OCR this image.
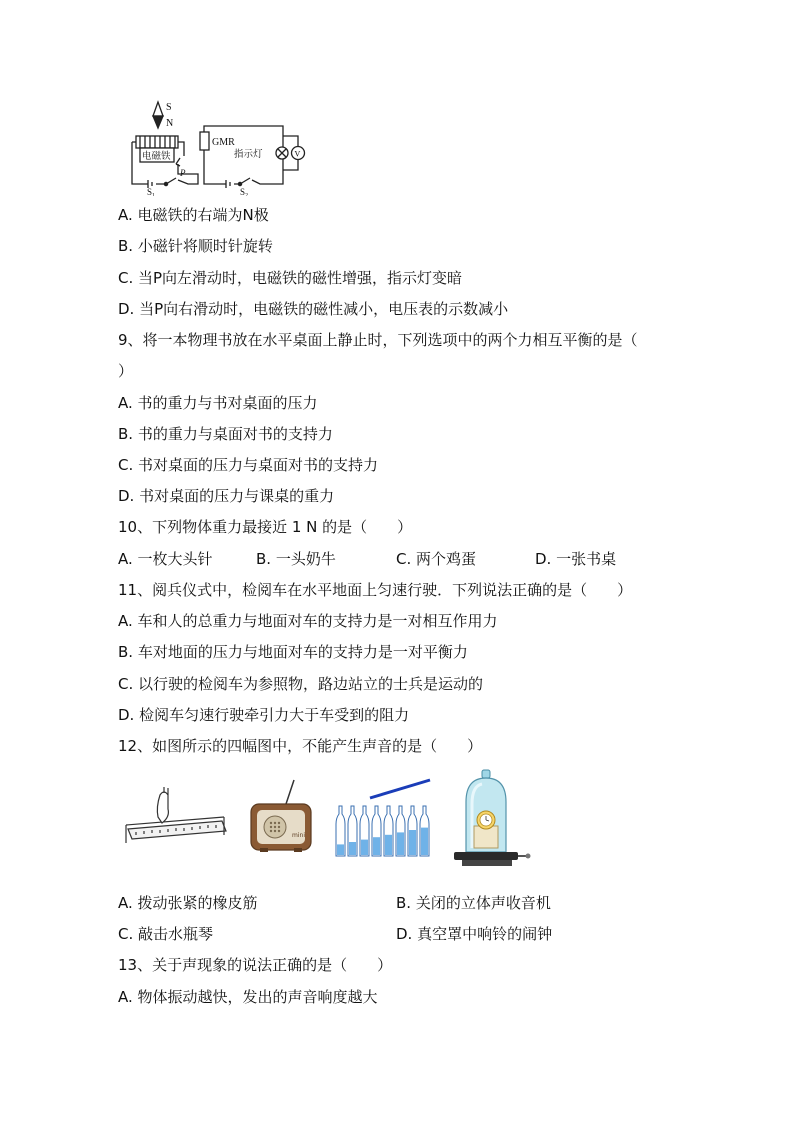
S
N
GMR
P
$S_1$	$S_2$
V
电磁铁	指示灯
A. 电磁铁的右端为N极
B. 小磁针将顺时针旋转
C. 当P向左滑动时，电磁铁的磁性增强，指示灯变暗
D. 当P向右滑动时，电磁铁的磁性减小，电压表的示数减小
9、将一本物理书放在水平桌面上静止时，下列选项中的两个力相互平衡的是（
）
A. 书的重力与书对桌面的压力
B. 书的重力与桌面对书的支持力
C. 书对桌面的压力与桌面对书的支持力
D. 书对桌面的压力与课桌的重力
10、下列物体重力最接近 1 N 的是（　　）
A. 一枚大头针	B. 一头奶牛	C. 两个鸡蛋	D. 一张书桌
11、阅兵仪式中，检阅车在水平地面上匀速行驶．下列说法正确的是（　　）
A. 车和人的总重力与地面对车的支持力是一对相互作用力
B. 车对地面的压力与地面对车的支持力是一对平衡力
C. 以行驶的检阅车为参照物，路边站立的士兵是运动的
D. 检阅车匀速行驶牵引力大于车受到的阻力
12、如图所示的四幅图中，不能产生声音的是（　　）
mini
A. 拨动张紧的橡皮筋	B. 关闭的立体声收音机
C. 敲击水瓶琴	D. 真空罩中响铃的闹钟
13、关于声现象的说法正确的是（　　）
A. 物体振动越快，发出的声音响度越大
